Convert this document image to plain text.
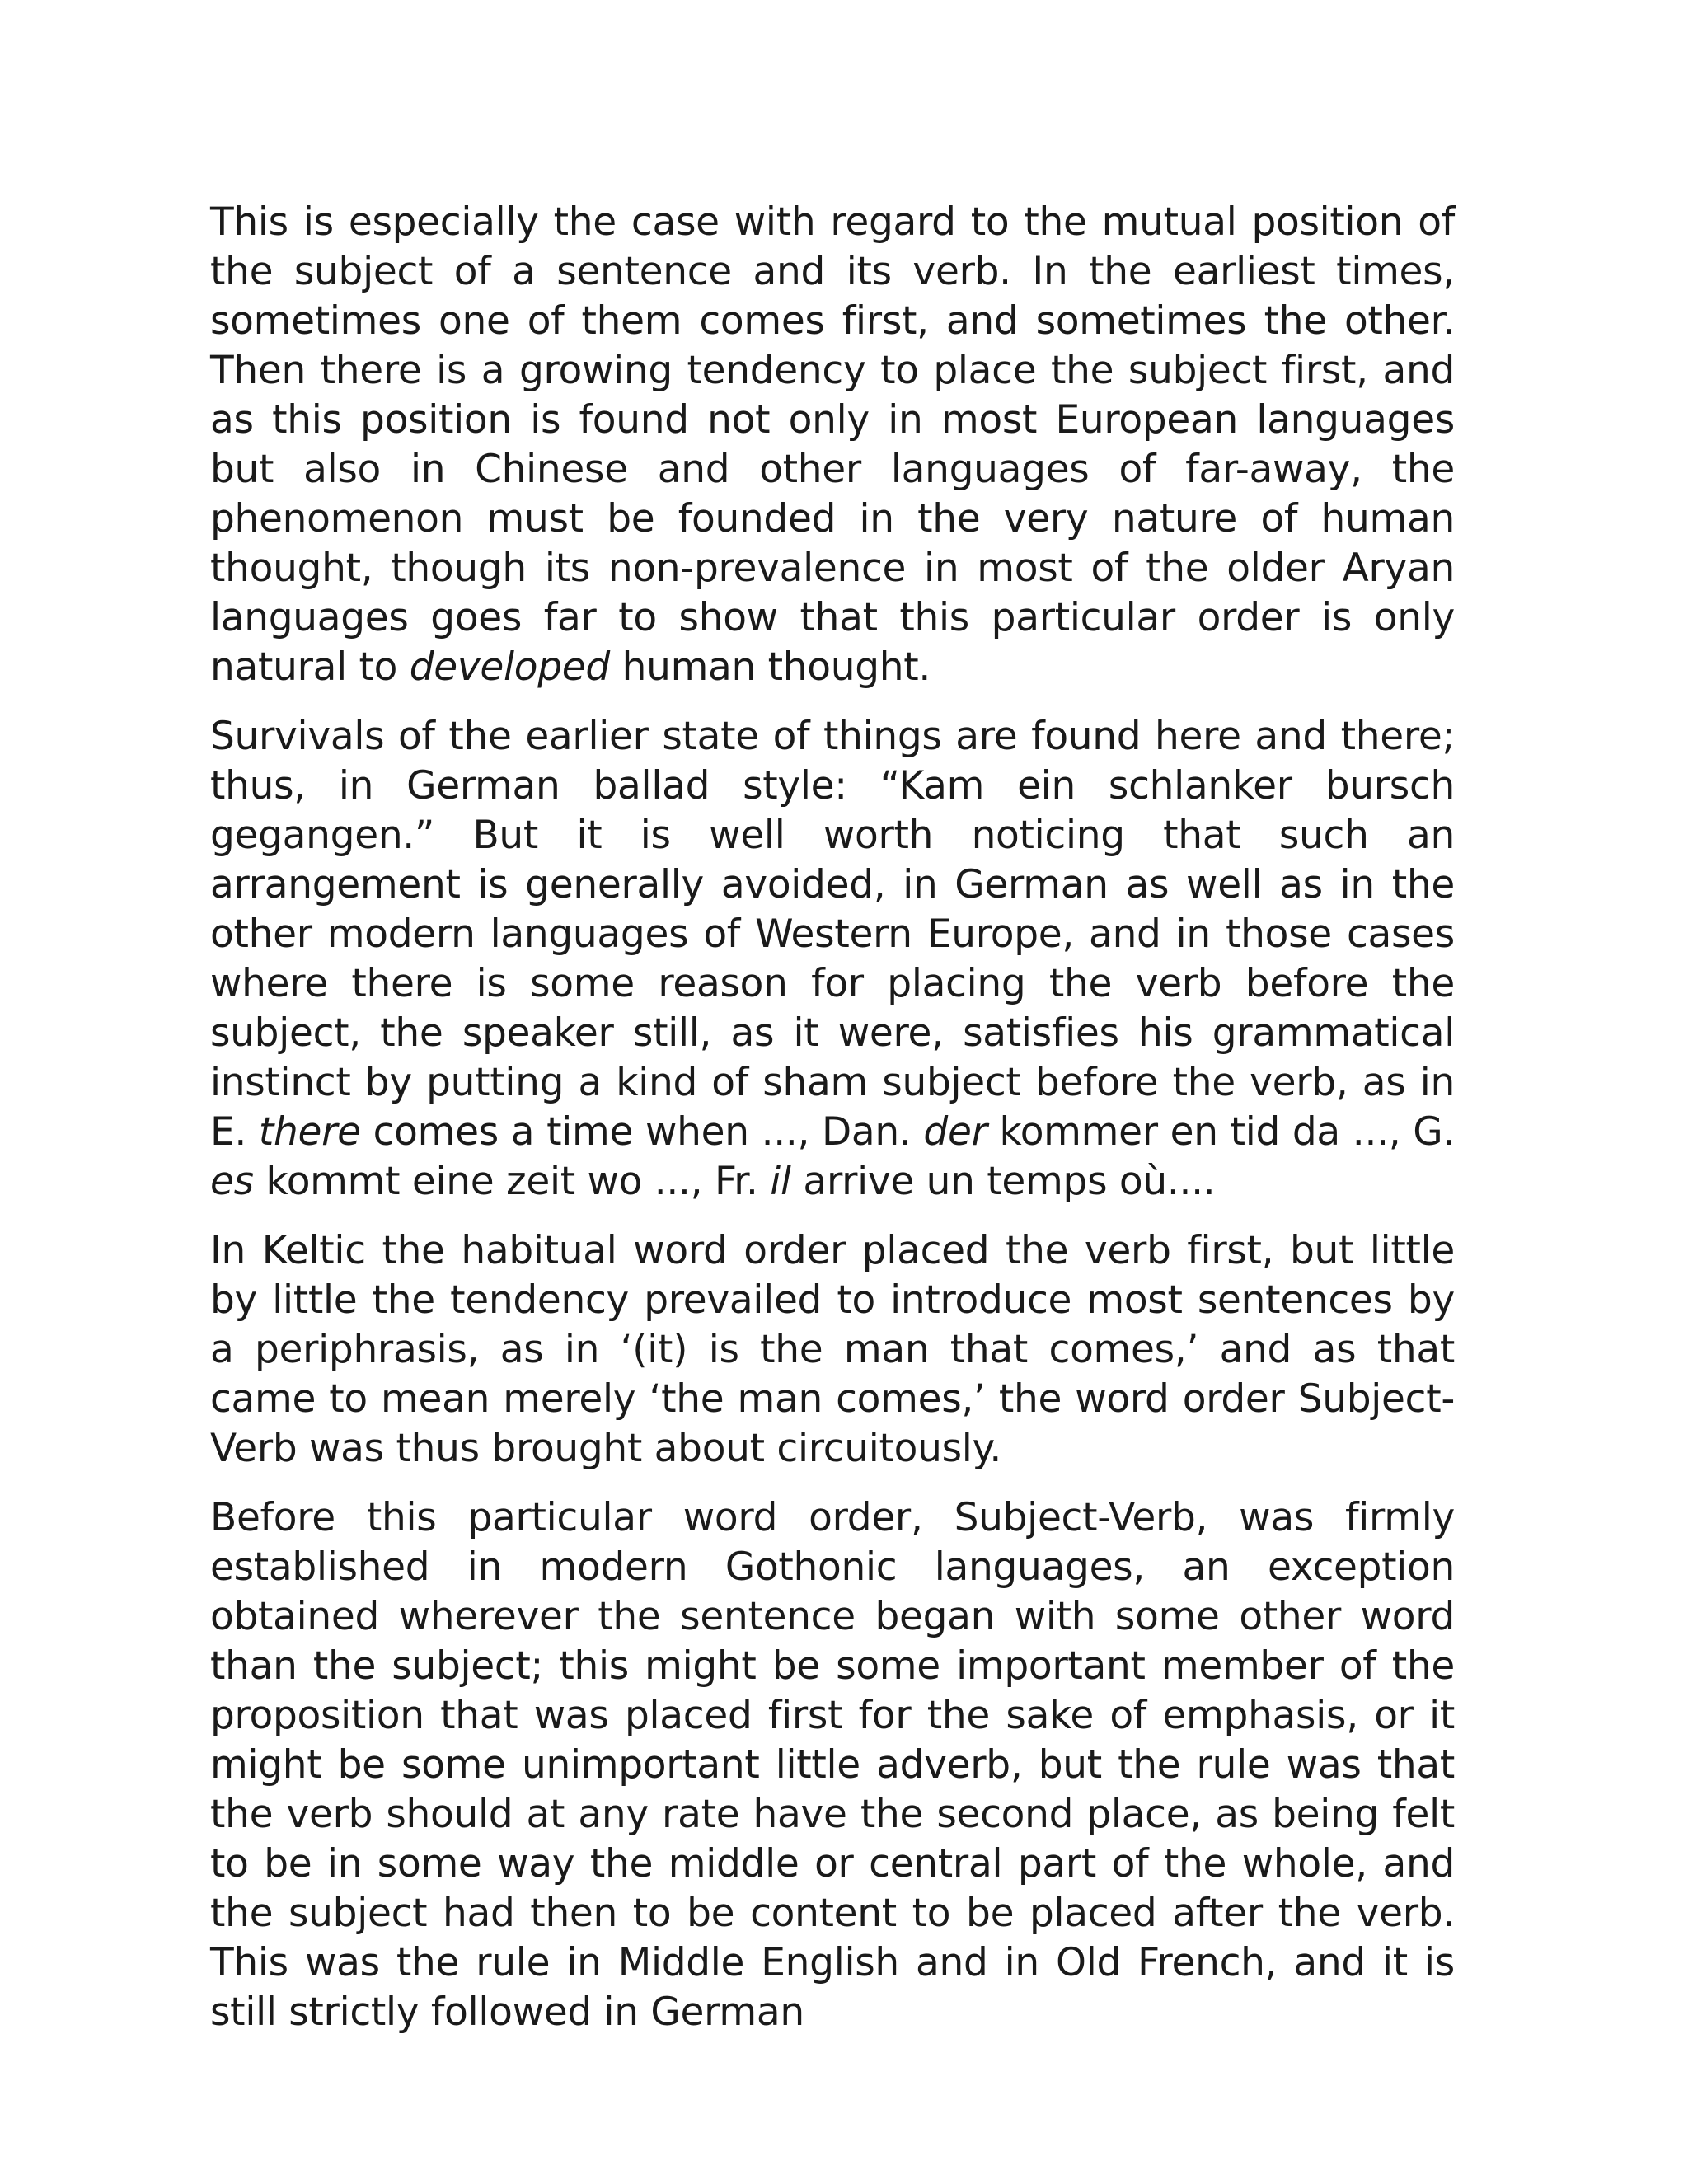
This is especially the case with regard to the mutual position of the subject of a sentence and its verb. In the earliest times, sometimes one of them comes first, and sometimes the other. Then there is a growing tendency to place the subject first, and as this position is found not only in most European languages but also in Chinese and other languages of far-away, the phenomenon must be founded in the very nature of human thought, though its non-prevalence in most of the older Aryan languages goes far to show that this particular order is only natural to developed human thought.

Survivals of the earlier state of things are found here and there; thus, in German ballad style: “Kam ein schlanker bursch gegangen.” But it is well worth noticing that such an arrangement is generally avoided, in German as well as in the other modern languages of Western Europe, and in those cases where there is some reason for placing the verb before the subject, the speaker still, as it were, satisfies his grammatical instinct by putting a kind of sham subject before the verb, as in E. there comes a time when ..., Dan. der kommer en tid da ..., G. es kommt eine zeit wo ..., Fr. il arrive un temps où....

In Keltic the habitual word order placed the verb first, but little by little the tendency prevailed to introduce most sentences by a periphrasis, as in ‘(it) is the man that comes,’ and as that came to mean merely ‘the man comes,’ the word order Subject-Verb was thus brought about circuitously.

Before this particular word order, Subject-Verb, was firmly established in modern Gothonic languages, an exception obtained wherever the sentence began with some other word than the subject; this might be some important member of the proposition that was placed first for the sake of emphasis, or it might be some unimportant little adverb, but the rule was that the verb should at any rate have the second place, as being felt to be in some way the middle or central part of the whole, and the subject had then to be content to be placed after the verb. This was the rule in Middle English and in Old French, and it is still strictly followed in German
